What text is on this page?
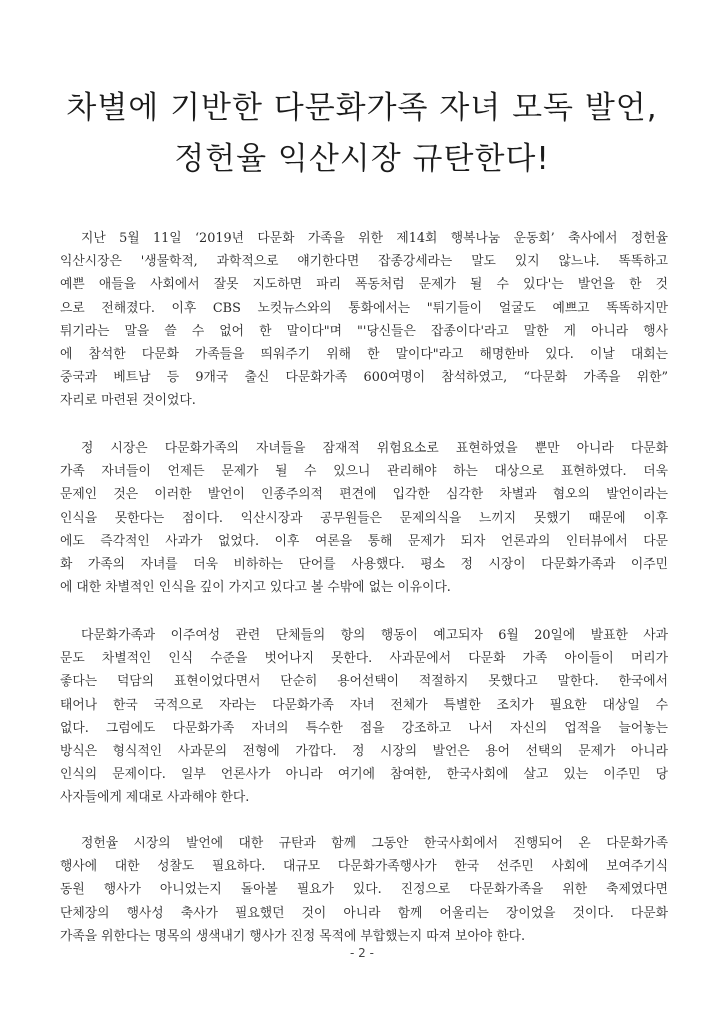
차별에 기반한 다문화가족 자녀 모독 발언,
정헌율 익산시장 규탄한다!
지난 5월 11일 ‘2019년 다문화 가족을 위한 제14회 행복나눔 운동회’ 축사에서 정헌율
익산시장은 '생물학적, 과학적으로 얘기한다면 잡종강세라는 말도 있지 않느냐. 똑똑하고
예쁜 애들을 사회에서 잘못 지도하면 파리 폭동처럼 문제가 될 수 있다'는 발언을 한 것
으로 전해졌다. 이후 CBS 노컷뉴스와의 통화에서는 "튀기들이 얼굴도 예쁘고 똑똑하지만
튀기라는 말을 쓸 수 없어 한 말이다"며 "'당신들은 잡종이다'라고 말한 게 아니라 행사
에 참석한 다문화 가족들을 띄워주기 위해 한 말이다"라고 해명한바 있다. 이날 대회는
중국과 베트남 등 9개국 출신 다문화가족 600여명이 참석하였고, “다문화 가족을 위한”
자리로 마련된 것이었다.
정 시장은 다문화가족의 자녀들을 잠재적 위험요소로 표현하였을 뿐만 아니라 다문화
가족 자녀들이 언제든 문제가 될 수 있으니 관리해야 하는 대상으로 표현하였다. 더욱
문제인 것은 이러한 발언이 인종주의적 편견에 입각한 심각한 차별과 혐오의 발언이라는
인식을 못한다는 점이다. 익산시장과 공무원들은 문제의식을 느끼지 못했기 때문에 이후
에도 즉각적인 사과가 없었다. 이후 여론을 통해 문제가 되자 언론과의 인터뷰에서 다문
화 가족의 자녀를 더욱 비하하는 단어를 사용했다. 평소 정 시장이 다문화가족과 이주민
에 대한 차별적인 인식을 깊이 가지고 있다고 볼 수밖에 없는 이유이다.
다문화가족과 이주여성 관련 단체들의 항의 행동이 예고되자 6월 20일에 발표한 사과
문도 차별적인 인식 수준을 벗어나지 못한다. 사과문에서 다문화 가족 아이들이 머리가
좋다는 덕담의 표현이었다면서 단순히 용어선택이 적절하지 못했다고 말한다. 한국에서
태어나 한국 국적으로 자라는 다문화가족 자녀 전체가 특별한 조치가 필요한 대상일 수
없다. 그럼에도 다문화가족 자녀의 특수한 점을 강조하고 나서 자신의 업적을 늘어놓는
방식은 형식적인 사과문의 전형에 가깝다. 정 시장의 발언은 용어 선택의 문제가 아니라
인식의 문제이다. 일부 언론사가 아니라 여기에 참여한, 한국사회에 살고 있는 이주민 당
사자들에게 제대로 사과해야 한다.
정헌율 시장의 발언에 대한 규탄과 함께 그동안 한국사회에서 진행되어 온 다문화가족
행사에 대한 성찰도 필요하다. 대규모 다문화가족행사가 한국 선주민 사회에 보여주기식
동원 행사가 아니었는지 돌아볼 필요가 있다. 진정으로 다문화가족을 위한 축제였다면
단체장의 행사성 축사가 필요했던 것이 아니라 함께 어울리는 장이었을 것이다. 다문화
가족을 위한다는 명목의 생색내기 행사가 진정 목적에 부합했는지 따져 보아야 한다.
- 2 -
